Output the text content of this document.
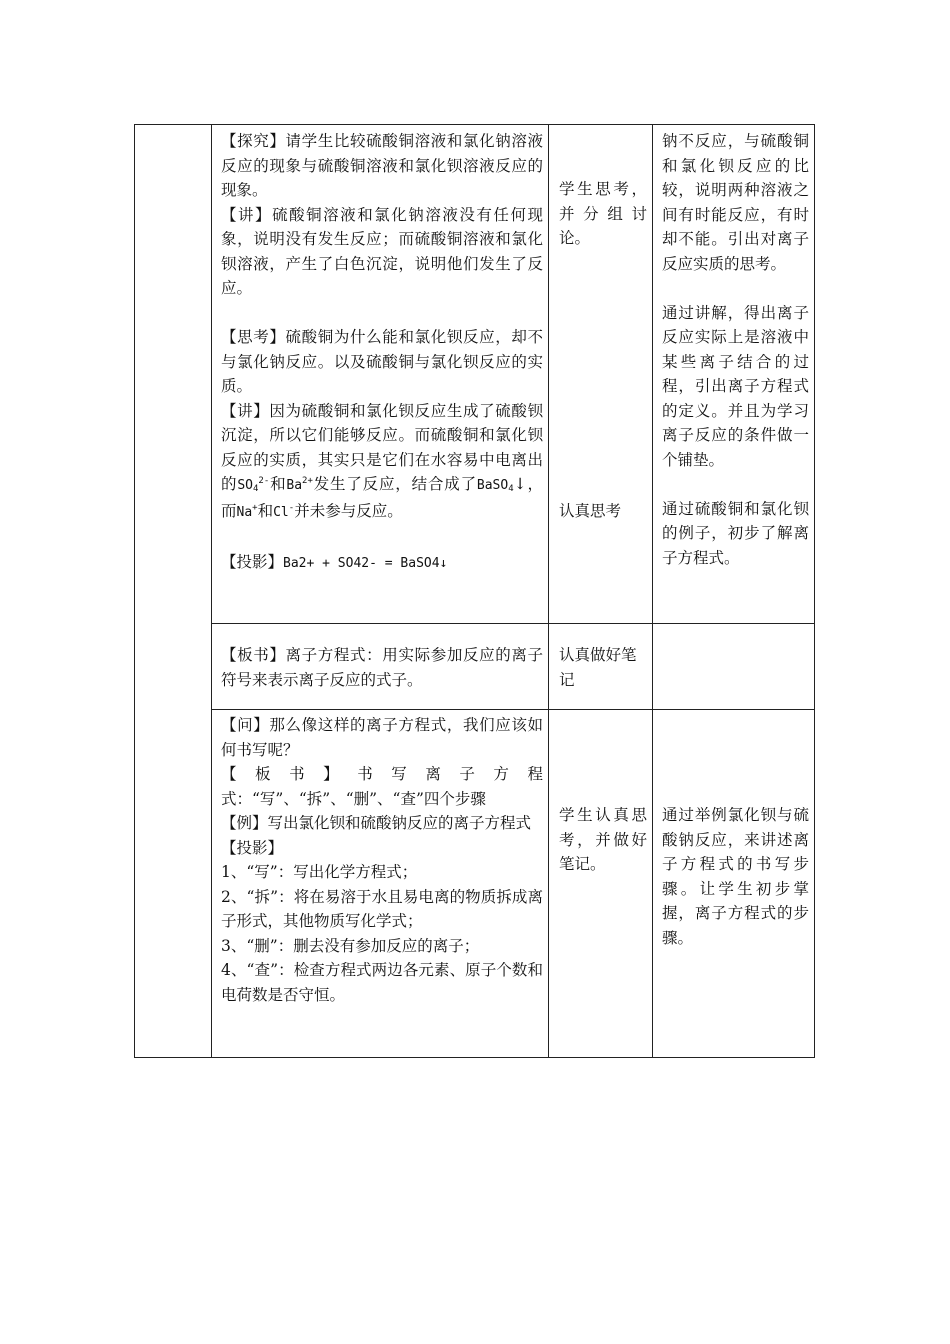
【探究】请学生比较硫酸铜溶液和氯化钠溶液反应的现象与硫酸铜溶液和氯化钡溶液反应的现象。

【讲】硫酸铜溶液和氯化钠溶液没有任何现象，说明没有发生反应；而硫酸铜溶液和氯化钡溶液，产生了白色沉淀，说明他们发生了反应。

【思考】硫酸铜为什么能和氯化钡反应，却不与氯化钠反应。以及硫酸铜与氯化钡反应的实质。

【讲】因为硫酸铜和氯化钡反应生成了硫酸钡沉淀，所以它们能够反应。而硫酸铜和氯化钡反应的实质，其实只是它们在水容易中电离出的$SO_4^{2-}$和$Ba^{2+}$发生了反应，结合成了BaSO$_4$↓，而Na+和Cl-并未参与反应。

【投影】Ba2+ + SO42- = BaSO4↓

学生思考，并分组讨论。

认真思考

钠不反应，与硫酸铜和氯化钡反应的比较，说明两种溶液之间有时能反应，有时却不能。引出对离子反应实质的思考。

通过讲解，得出离子反应实际上是溶液中某些离子结合的过程，引出离子方程式的定义。并且为学习离子反应的条件做一个铺垫。

通过硫酸铜和氯化钡的例子，初步了解离子方程式。

【板书】离子方程式：用实际参加反应的离子符号来表示离子反应的式子。

认真做好笔记

【问】那么像这样的离子方程式，我们应该如何书写呢？

【板书】书写离子方程式：“写”、“拆”、“删”、“查”四个步骤

【例】写出氯化钡和硫酸钠反应的离子方程式

【投影】

1、“写”：写出化学方程式；

2、“拆”：将在易溶于水且易电离的物质拆成离子形式，其他物质写化学式；

3、“删”：删去没有参加反应的离子；

4、“查”：检查方程式两边各元素、原子个数和电荷数是否守恒。

学生认真思考，并做好笔记。

通过举例氯化钡与硫酸钠反应，来讲述离子方程式的书写步骤。让学生初步掌握，离子方程式的步骤。
